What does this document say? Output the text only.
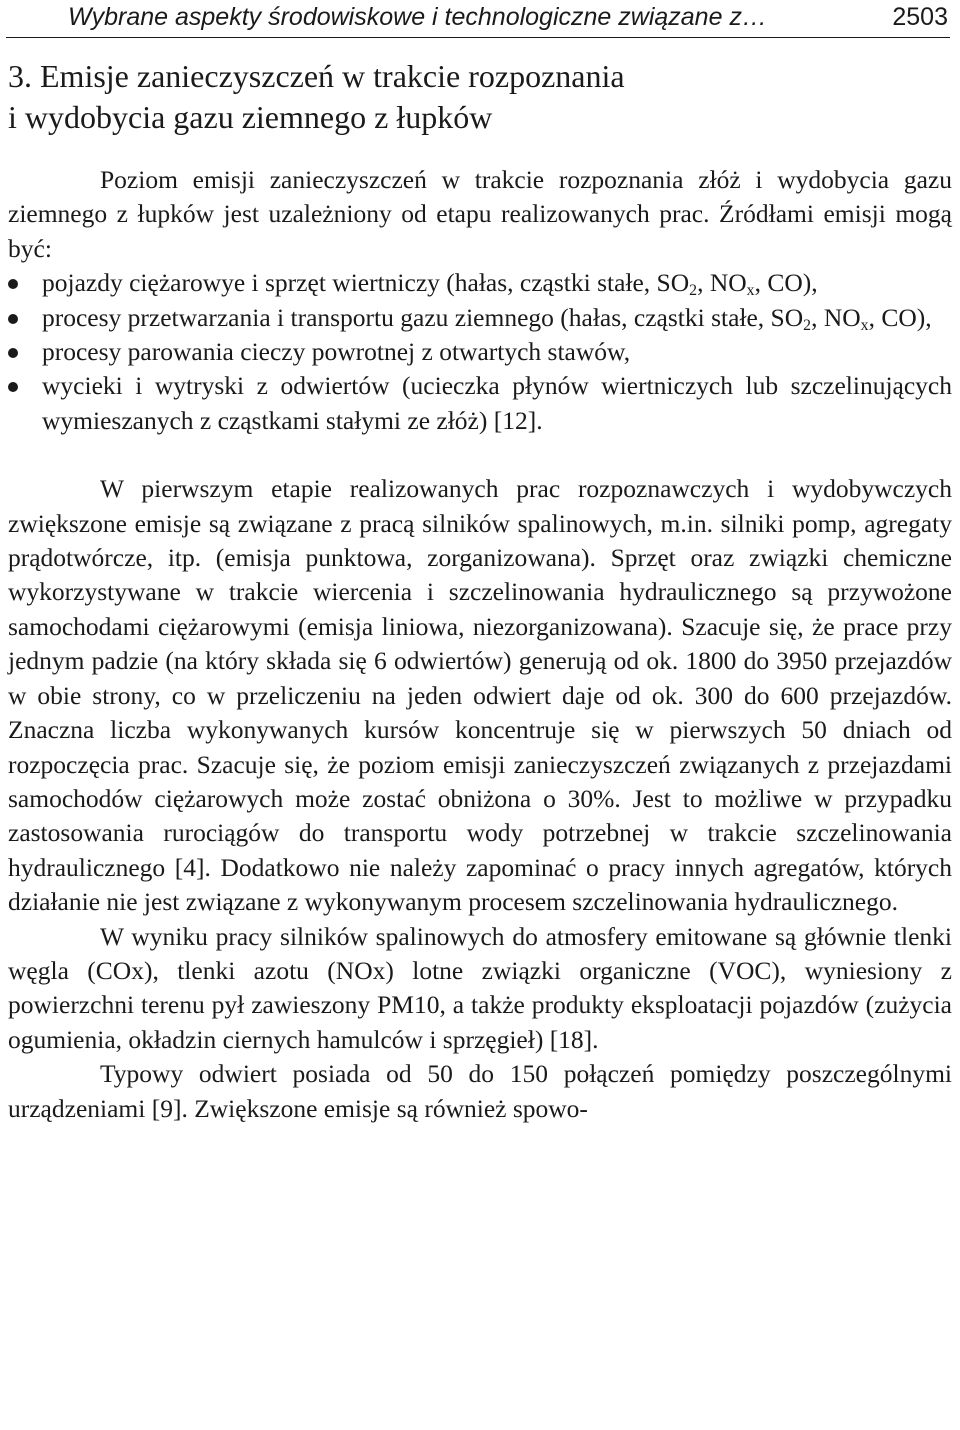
Wybrane aspekty środowiskowe i technologiczne związane z…	2503
3. Emisje zanieczyszczeń w trakcie rozpoznania
i wydobycia gazu ziemnego z łupków

Poziom emisji zanieczyszczeń w trakcie rozpoznania złóż i wydobycia gazu ziemnego z łupków jest uzależniony od etapu realizowanych prac. Źródłami emisji mogą być:

pojazdy ciężarowye i sprzęt wiertniczy (hałas, cząstki stałe, $SO_2$, $NO_x$, CO),
procesy przetwarzania i transportu gazu ziemnego (hałas, cząstki stałe, $SO_2$, $NO_x$, CO),
procesy parowania cieczy powrotnej z otwartych stawów,
wycieki i wytryski z odwiertów (ucieczka płynów wiertniczych lub szczelinujących wymieszanych z cząstkami stałymi ze złóż) [12].

W pierwszym etapie realizowanych prac rozpoznawczych i wydobywczych zwiększone emisje są związane z pracą silników spalinowych, m.in. silniki pomp, agregaty prądotwórcze, itp. (emisja punktowa, zorganizowana). Sprzęt oraz związki chemiczne wykorzystywane w trakcie wiercenia i szczelinowania hydraulicznego są przywożone samochodami ciężarowymi (emisja liniowa, niezorganizowana). Szacuje się, że prace przy jednym padzie (na który składa się 6 odwiertów) generują od ok. 1800 do 3950 przejazdów w obie strony, co w przeliczeniu na jeden odwiert daje od ok. 300 do 600 przejazdów. Znaczna liczba wykonywanych kursów koncentruje się w pierwszych 50 dniach od rozpoczęcia prac. Szacuje się, że poziom emisji zanieczyszczeń związanych z przejazdami samochodów ciężarowych może zostać obniżona o 30%. Jest to możliwe w przypadku zastosowania rurociągów do transportu wody potrzebnej w trakcie szczelinowania hydraulicznego [4]. Dodatkowo nie należy zapominać o pracy innych agregatów, których działanie nie jest związane z wykonywanym procesem szczelinowania hydraulicznego.

W wyniku pracy silników spalinowych do atmosfery emitowane są głównie tlenki węgla (COx), tlenki azotu (NOx) lotne związki organiczne (VOC), wyniesiony z powierzchni terenu pył zawieszony PM10, a także produkty eksploatacji pojazdów (zużycia ogumienia, okładzin ciernych hamulców i sprzęgieł) [18].

Typowy odwiert posiada od 50 do 150 połączeń pomiędzy poszczególnymi urządzeniami [9]. Zwiększone emisje są również spowo-
